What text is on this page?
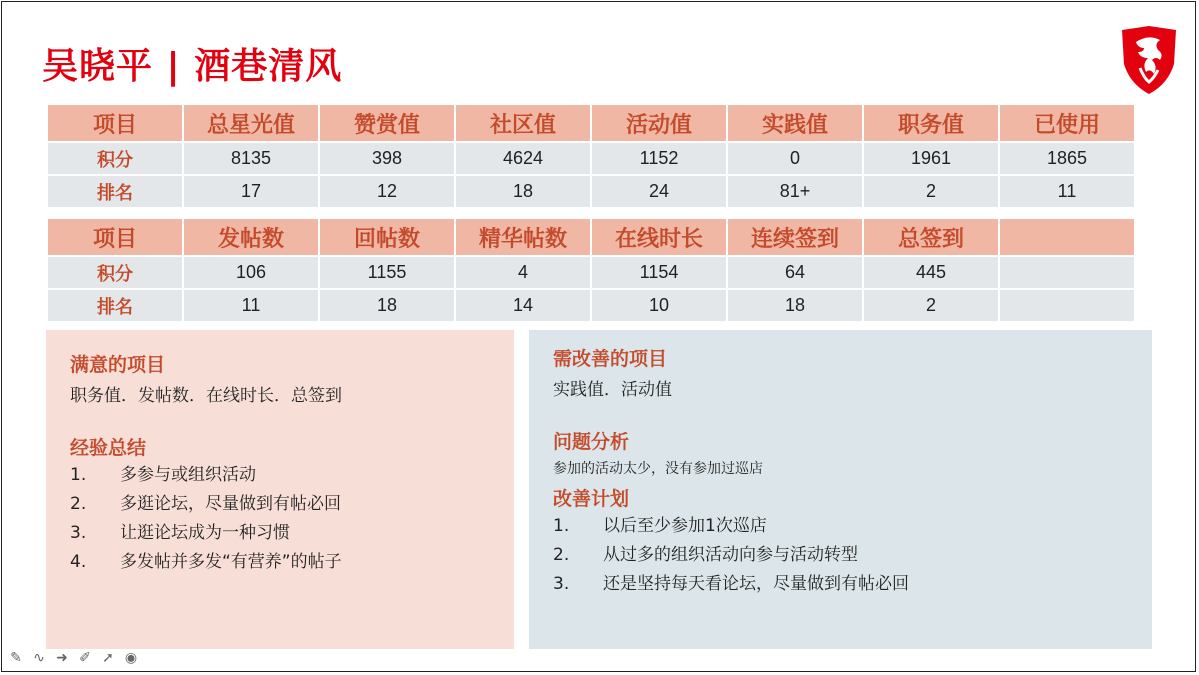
吴晓平 | 酒巷清风
项目	总星光值	赞赏值	社区值	活动值	实践值	职务值	已使用
积分	8135	398	4624	1152	0	1961	1865
排名	17	12	18	24	81+	2	11
项目	发帖数	回帖数	精华帖数	在线时长	连续签到	总签到	
积分	106	1155	4	1154	64	445	
排名	11	18	14	10	18	2	
满意的项目
职务值．发帖数．在线时长．总签到
经验总结
1. 多参与或组织活动
2. 多逛论坛，尽量做到有帖必回
3. 让逛论坛成为一种习惯
4. 多发帖并多发“有营养”的帖子
需改善的项目
实践值．活动值
问题分析
参加的活动太少，没有参加过巡店
改善计划
1. 以后至少参加1次巡店
2. 从过多的组织活动向参与活动转型
3. 还是坚持每天看论坛，尽量做到有帖必回
✎ ∿ ➜ ✐ ➚ ◉
